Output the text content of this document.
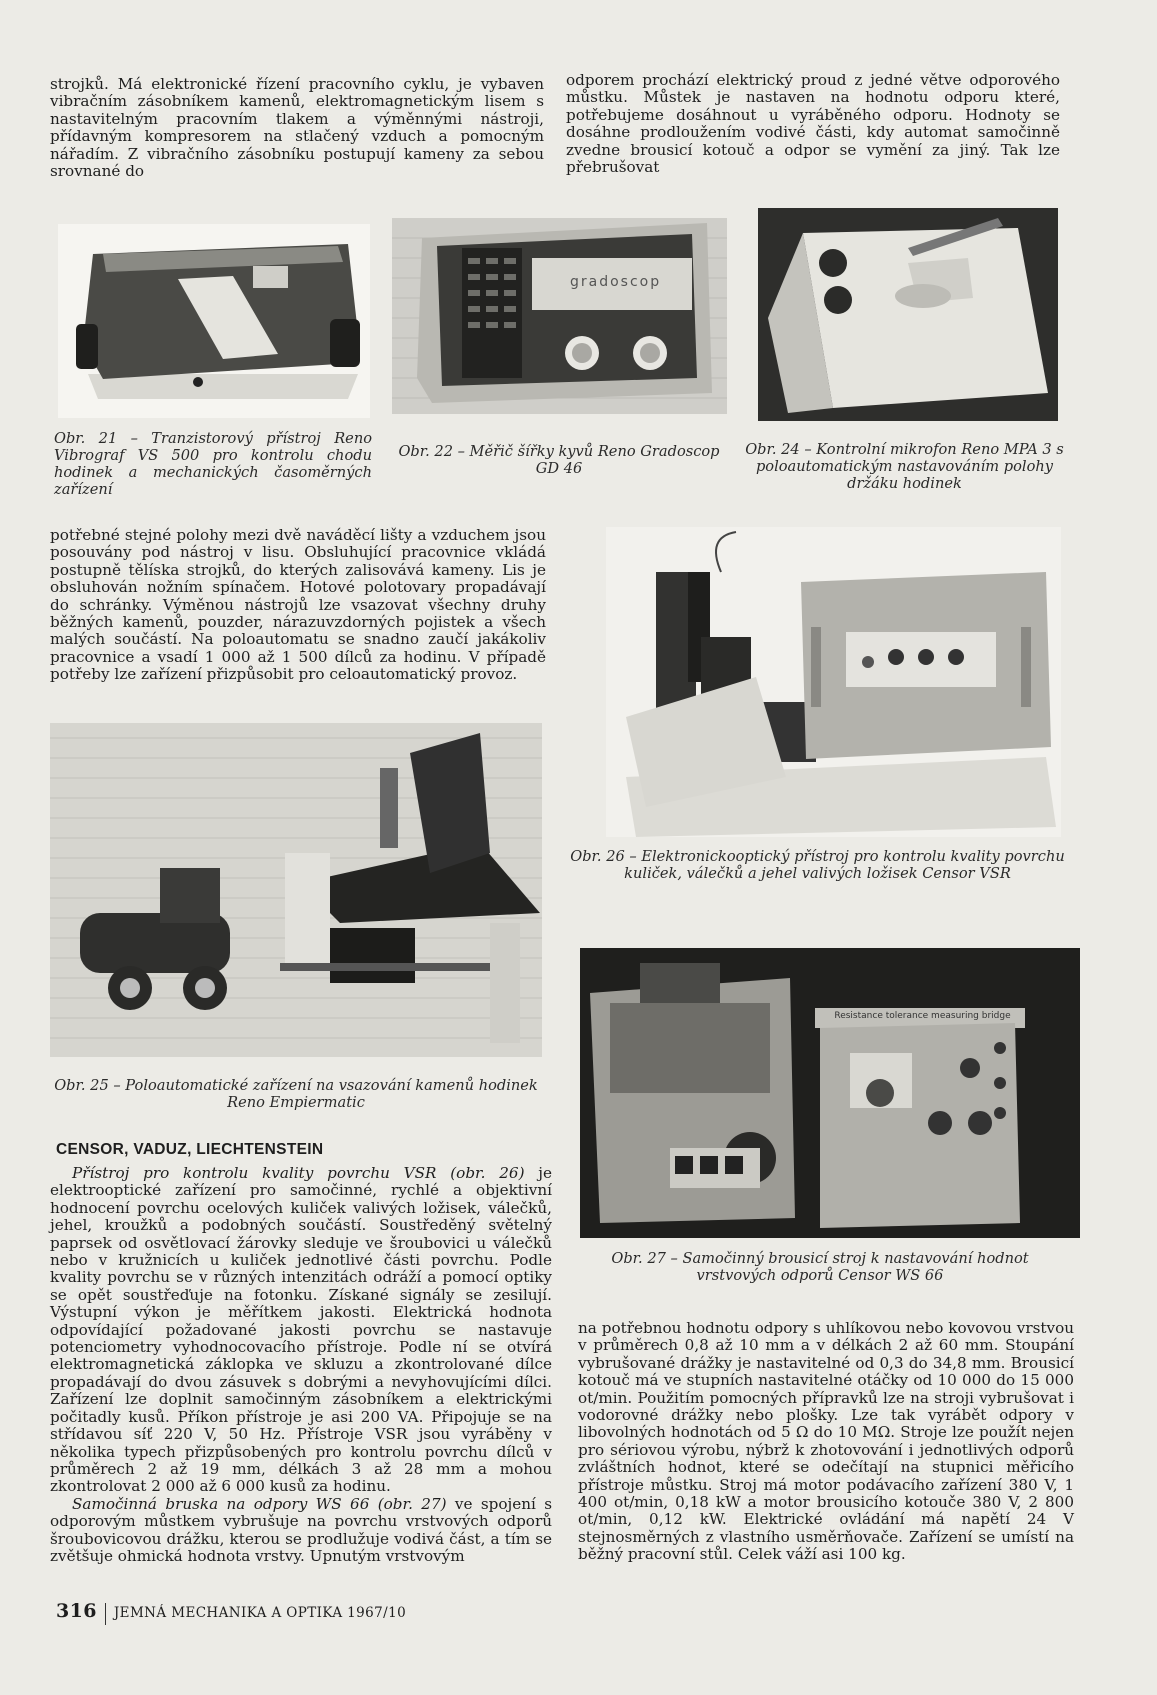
strojků. Má elektronické řízení pracovního cyklu, je vybaven vibračním zásobníkem kamenů, elektromagnetickým lisem s nastavitelným pracovním tlakem a výměnnými nástroji, přídavným kompresorem na stlačený vzduch a pomocným nářadím. Z vibračního zásobníku postupují kameny za sebou srovnané do

odporem prochází elektrický proud z jedné větve odporového můstku. Můstek je nastaven na hodnotu odporu které, potřebujeme dosáhnout u vyráběného odporu. Hodnoty se dosáhne prodloužením vodivé části, kdy automat samočinně zvedne brousicí kotouč a odpor se vymění za jiný. Tak lze přebrušovat

gradoscop
Obr. 21 – Tranzistorový přístroj Reno Vibrograf VS 500 pro kontrolu chodu hodinek a mechanických časoměrných zařízení
Obr. 22 – Měřič šířky kyvů Reno Gradoscop GD 46
Obr. 24 – Kontrolní mikrofon Reno MPA 3 s poloautomatickým nastavováním polohy držáku hodinek

potřebné stejné polohy mezi dvě naváděcí lišty a vzduchem jsou posouvány pod nástroj v lisu. Obsluhující pracovnice vkládá postupně tělíska strojků, do kterých zalisovává kameny. Lis je obsluhován nožním spínačem. Hotové polotovary propadávají do schránky. Výměnou nástrojů lze vsazovat všechny druhy běžných kamenů, pouzder, nárazuvzdorných pojistek a všech malých součástí. Na poloautomatu se snadno zaučí jakákoliv pracovnice a vsadí 1 000 až 1 500 dílců za hodinu. V případě potřeby lze zařízení přizpůsobit pro celoautomatický provoz.

Obr. 26 – Elektronickooptický přístroj pro kontrolu kvality povrchu kuliček, válečků a jehel valivých ložisek Censor VSR
Resistance tolerance measuring bridge
Obr. 25 – Poloautomatické zařízení na vsazování kamenů hodinek Reno Empiermatic
CENSOR, VADUZ, LIECHTENSTEIN

Přístroj pro kontrolu kvality povrchu VSR (obr. 26) je elektrooptické zařízení pro samočinné, rychlé a objektivní hodnocení povrchu ocelových kuliček valivých ložisek, válečků, jehel, kroužků a podobných součástí. Soustředěný světelný paprsek od osvětlovací žárovky sleduje ve šroubovici u válečků nebo v kružnicích u kuliček jednotlivé části povrchu. Podle kvality povrchu se v různých intenzitách odráží a pomocí optiky se opět soustřeďuje na fotonku. Získané signály se zesilují. Výstupní výkon je měřítkem jakosti. Elektrická hodnota odpovídající požadované jakosti povrchu se nastavuje potenciometry vyhodnocovacího přístroje. Podle ní se otvírá elektromagnetická záklopka ve skluzu a zkontrolované dílce propadávají do dvou zásuvek s dobrými a nevyhovujícími dílci. Zařízení lze doplnit samočinným zásobníkem a elektrickými počitadly kusů. Příkon přístroje je asi 200 VA. Připojuje se na střídavou síť 220 V, 50 Hz. Přístroje VSR jsou vyráběny v několika typech přizpůsobených pro kontrolu povrchu dílců v průměrech 2 až 19 mm, délkách 3 až 28 mm a mohou zkontrolovat 2 000 až 6 000 kusů za hodinu.

Samočinná bruska na odpory WS 66 (obr. 27) ve spojení s odporovým můstkem vybrušuje na povrchu vrstvových odporů šroubovicovou drážku, kterou se prodlužuje vodivá část, a tím se zvětšuje ohmická hodnota vrstvy. Upnutým vrstvovým

Obr. 27 – Samočinný brousicí stroj k nastavování hodnot vrstvových odporů Censor WS 66

na potřebnou hodnotu odpory s uhlíkovou nebo kovovou vrstvou v průměrech 0,8 až 10 mm a v délkách 2 až 60 mm. Stoupání vybrušované drážky je nastavitelné od 0,3 do 34,8 mm. Brousicí kotouč má ve stupních nastavitelné otáčky od 10 000 do 15 000 ot/min. Použitím pomocných přípravků lze na stroji vybrušovat i vodorovné drážky nebo plošky. Lze tak vyrábět odpory v libovolných hodnotách od 5 Ω do 10 MΩ. Stroje lze použít nejen pro sériovou výrobu, nýbrž k zhotovování i jednotlivých odporů zvláštních hodnot, které se odečítají na stupnici měřicího přístroje můstku. Stroj má motor podávacího zařízení 380 V, 1 400 ot/min, 0,18 kW a motor brousicího kotouče 380 V, 2 800 ot/min, 0,12 kW. Elektrické ovládání má napětí 24 V stejnosměrných z vlastního usměrňovače. Zařízení se umístí na běžný pracovní stůl. Celek váží asi 100 kg.

316 JEMNÁ MECHANIKA A OPTIKA 1967/10
